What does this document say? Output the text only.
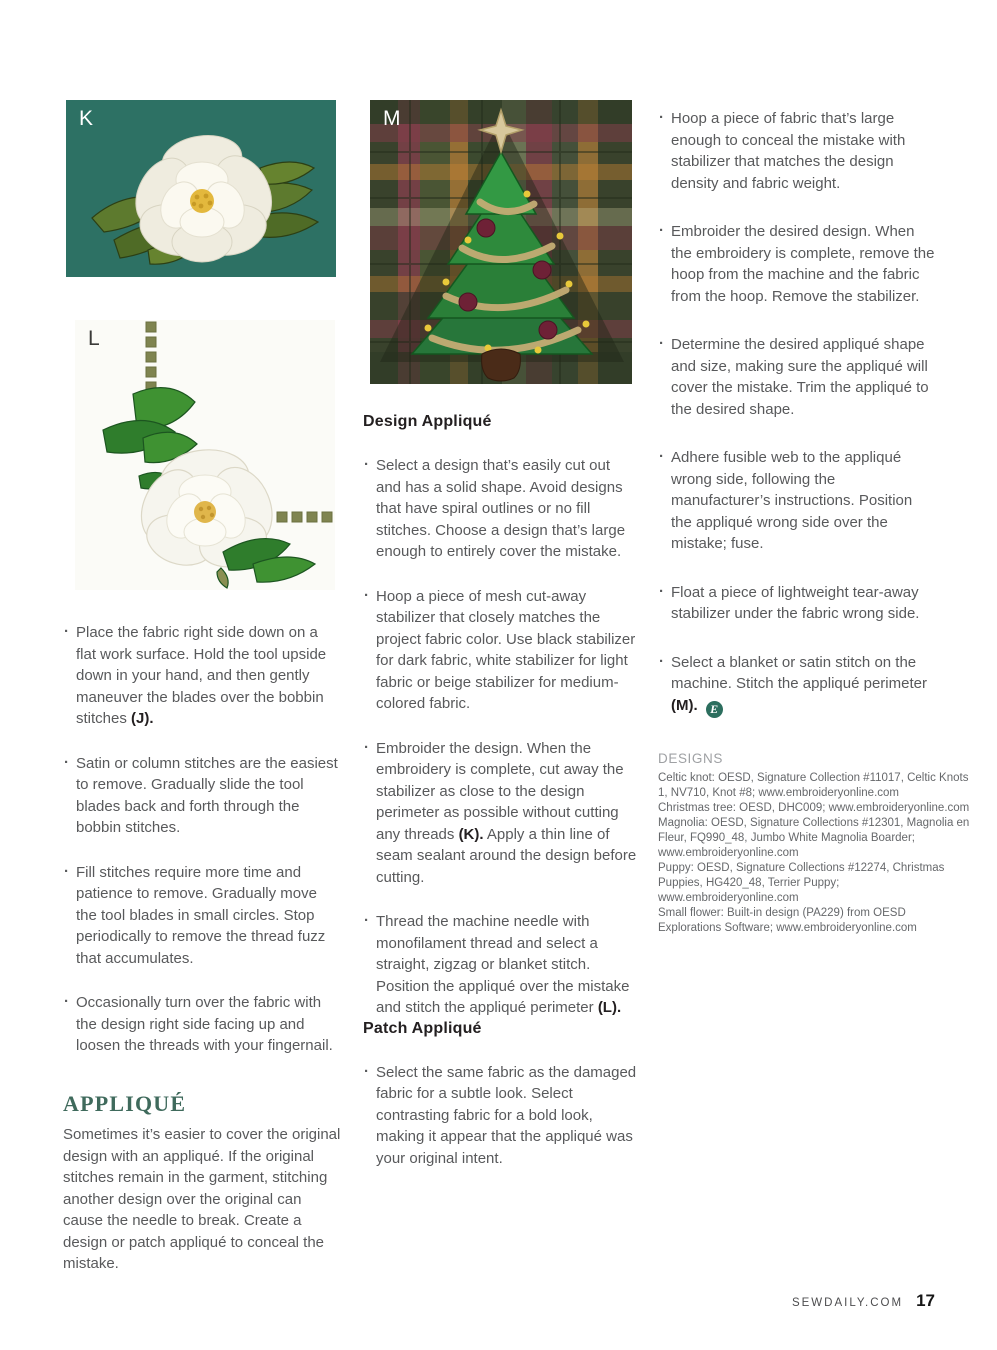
K
L
M
· Place the fabric right side down on a flat work surface. Hold the tool upside down in your hand, and then gently maneuver the blades over the bobbin stitches (J).
· Satin or column stitches are the easiest to remove. Gradually slide the tool blades back and forth through the bobbin stitches.
· Fill stitches require more time and patience to remove. Gradually move the tool blades in small circles. Stop periodically to remove the thread fuzz that accumulates.
· Occasionally turn over the fabric with the design right side facing up and loosen the threads with your fingernail.
APPLIQUÉ

Sometimes it’s easier to cover the original design with an appliqué. If the original stitches remain in the garment, stitching another design over the original can cause the needle to break. Create a design or patch appliqué to conceal the mistake.

Design Appliqué
· Select a design that’s easily cut out and has a solid shape. Avoid designs that have spiral outlines or no fill stitches. Choose a design that’s large enough to entirely cover the mistake.
· Hoop a piece of mesh cut-away stabilizer that closely matches the project fabric color. Use black stabilizer for dark fabric, white stabilizer for light fabric or beige stabilizer for medium-colored fabric.
· Embroider the design. When the embroidery is complete, cut away the stabilizer as close to the design perimeter as possible without cutting any threads (K). Apply a thin line of seam sealant around the design before cutting.
· Thread the machine needle with monofilament thread and select a straight, zigzag or blanket stitch. Position the appliqué over the mistake and stitch the appliqué perimeter (L).
Patch Appliqué
· Select the same fabric as the damaged fabric for a subtle look. Select contrasting fabric for a bold look, making it appear that the appliqué was your original intent.
· Hoop a piece of fabric that’s large enough to conceal the mistake with stabilizer that matches the design density and fabric weight.
· Embroider the desired design. When the embroidery is complete, remove the hoop from the machine and the fabric from the hoop. Remove the stabilizer.
· Determine the desired appliqué shape and size, making sure the appliqué will cover the mistake. Trim the appliqué to the desired shape.
· Adhere fusible web to the appliqué wrong side, following the manufacturer’s instructions. Position the appliqué wrong side over the mistake; fuse.
· Float a piece of lightweight tear-away stabilizer under the fabric wrong side.
· Select a blanket or satin stitch on the machine. Stitch the appliqué perimeter (M). E
DESIGNS

Celtic knot: OESD, Signature Collection #11017, Celtic Knots 1, NV710, Knot #8; www.embroideryonline.com

Christmas tree: OESD, DHC009; www.embroideryonline.com

Magnolia: OESD, Signature Collections #12301, Magnolia en Fleur, FQ990_48, Jumbo White Magnolia Boarder; www.embroideryonline.com

Puppy: OESD, Signature Collections #12274, Christmas Puppies, HG420_48, Terrier Puppy; www.embroideryonline.com

Small flower: Built-in design (PA229) from OESD Explorations Software; www.embroideryonline.com

SEWDAILY.COM 17
